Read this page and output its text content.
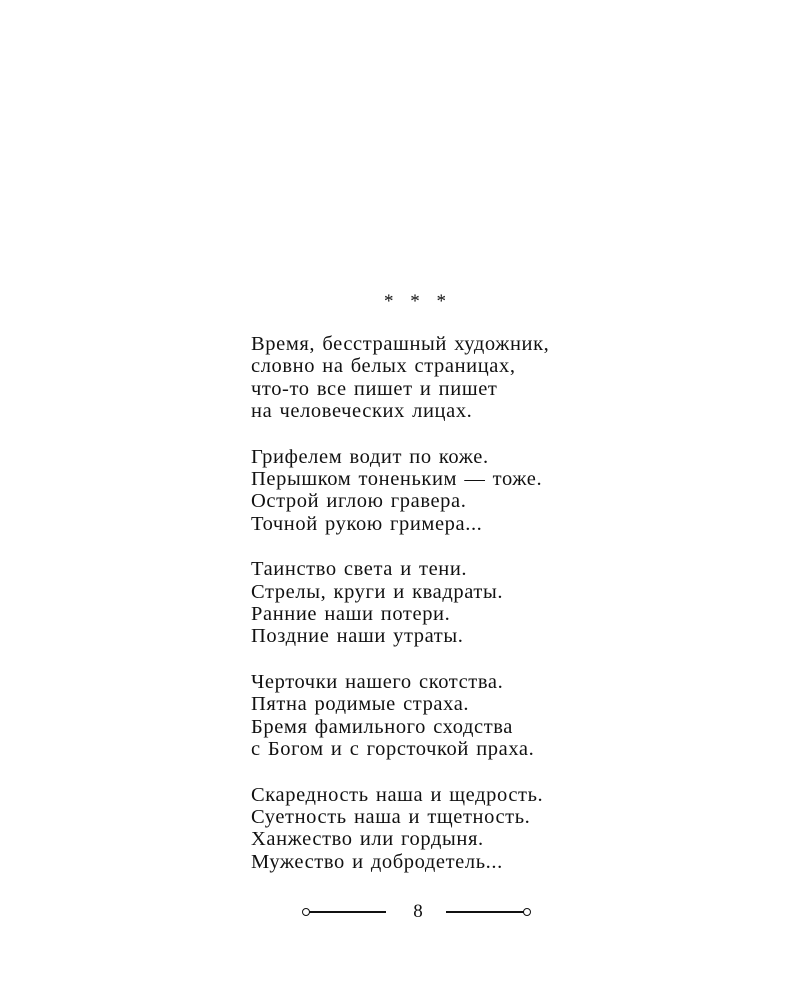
* * *
Время, бесстрашный художник,
словно на белых страницах,
что-то все пишет и пишет
на человеческих лицах.
Грифелем водит по коже.
Перышком тоненьким — тоже.
Острой иглою гравера.
Точной рукою гримера...
Таинство света и тени.
Стрелы, круги и квадраты.
Ранние наши потери.
Поздние наши утраты.
Черточки нашего скотства.
Пятна родимые страха.
Бремя фамильного сходства
с Богом и с горсточкой праха.
Скаредность наша и щедрость.
Суетность наша и тщетность.
Ханжество или гордыня.
Мужество и добродетель...
8
